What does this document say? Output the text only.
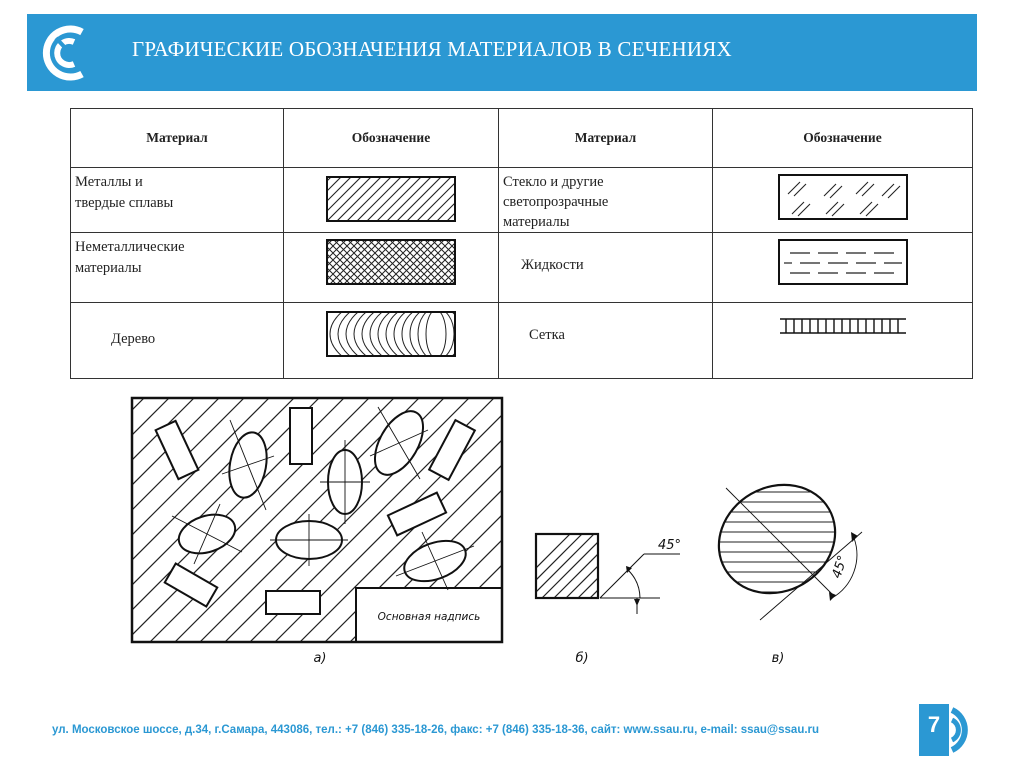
ГРАФИЧЕСКИЕ ОБОЗНАЧЕНИЯ МАТЕРИАЛОВ В СЕЧЕНИЯХ
Материал	Обозначение	Материал	Обозначение

Металлы и
твердые сплавы		Стекло и другие
светопрозрачные
материалы

Неметаллические
материалы		Жидкости

Дерево		Сетка

Основная надпись
а)
45°
б)
45°
в)
ул. Московское шоссе, д.34, г.Самара, 443086, тел.: +7 (846) 335-18-26, факс: +7 (846) 335-18-36, сайт: www.ssau.ru, e-mail: ssau@ssau.ru	7
